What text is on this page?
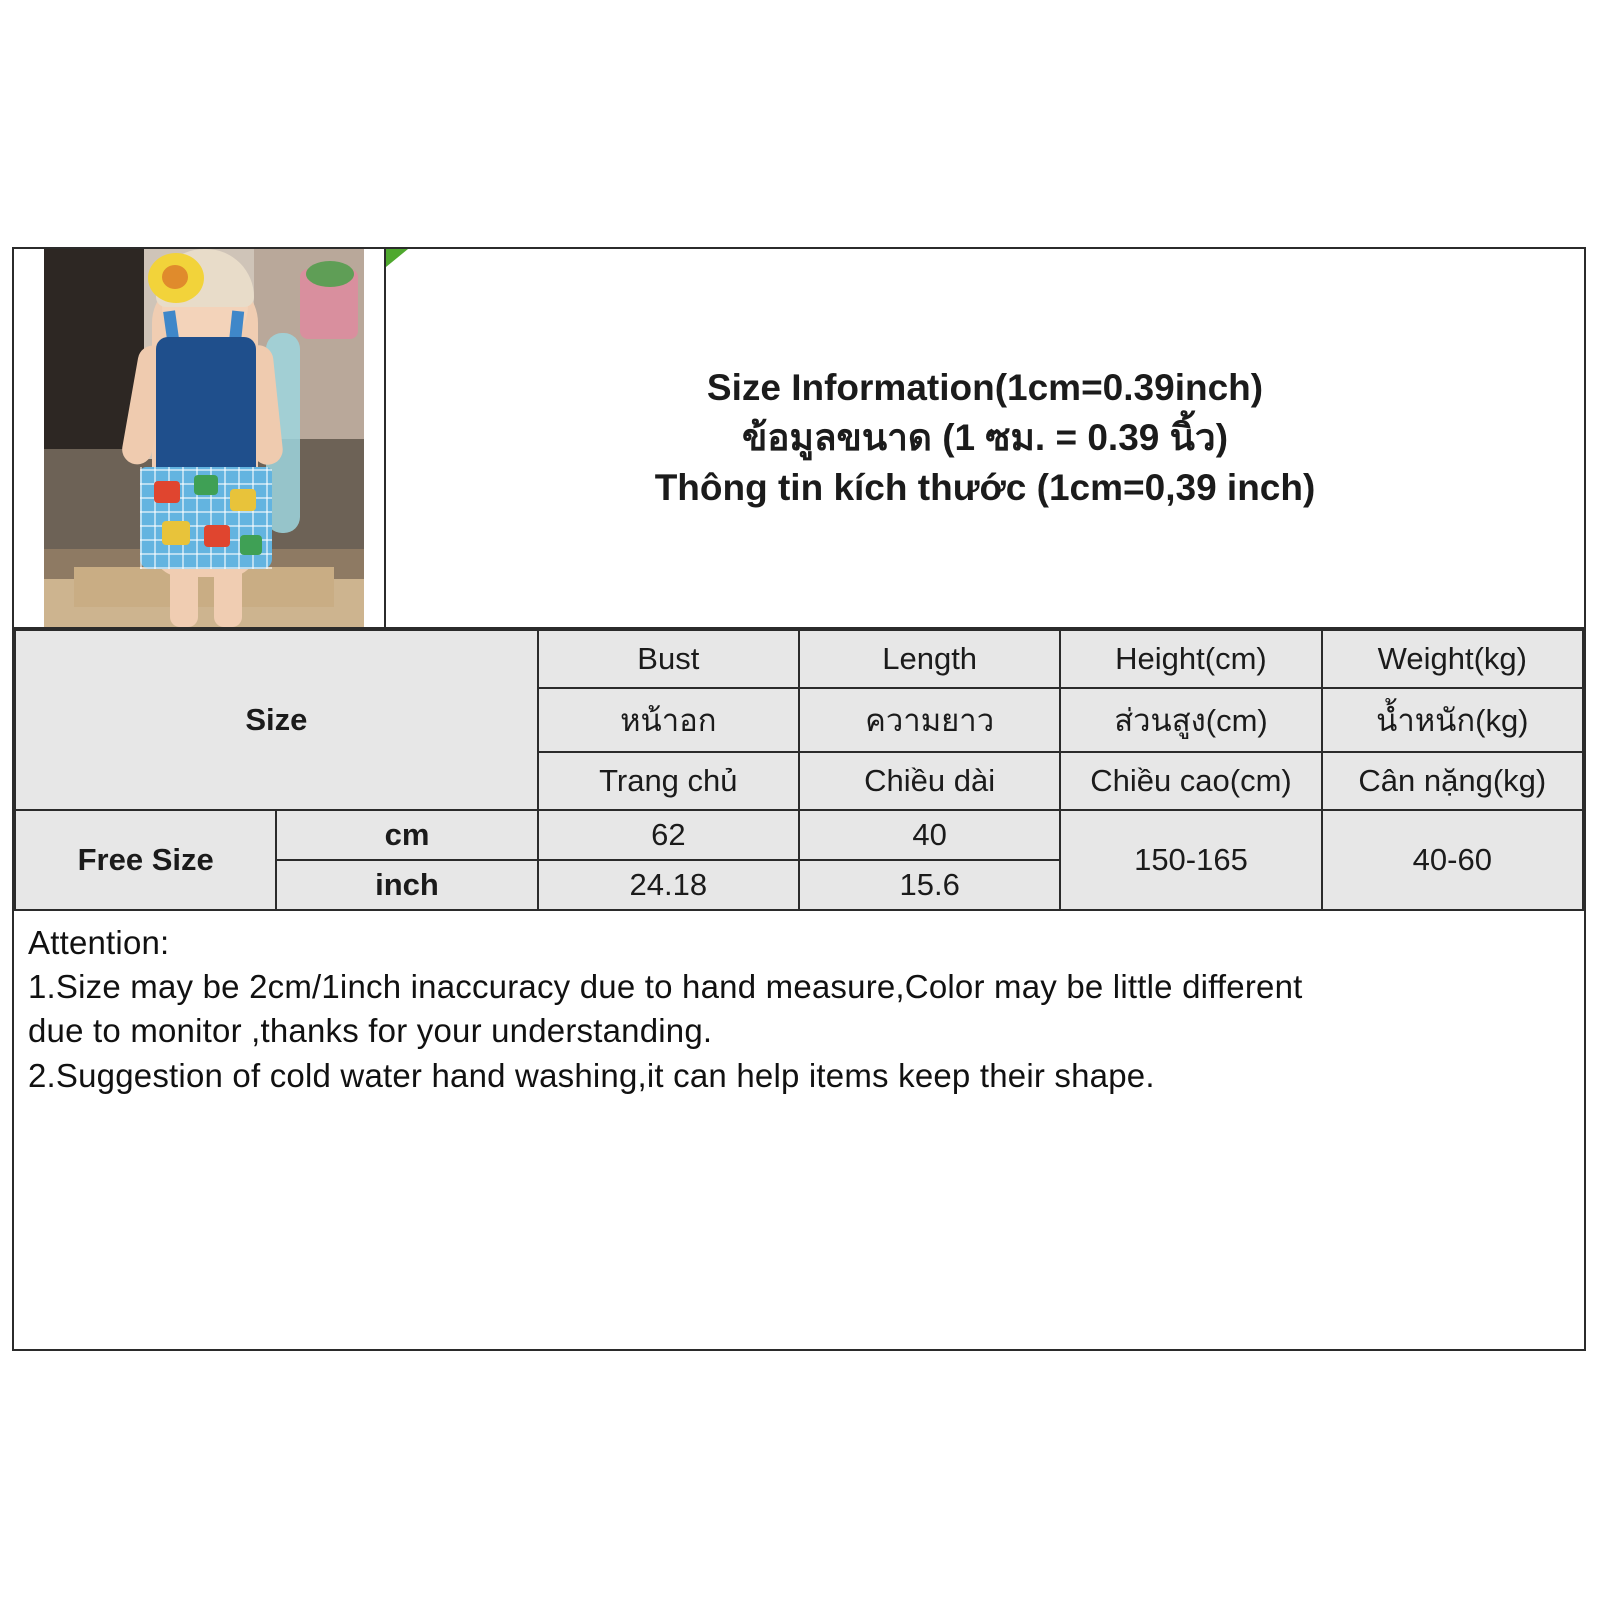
Size Information(1cm=0.39inch)
ข้อมูลขนาด (1 ซม. = 0.39 นิ้ว)
Thông tin kích thước (1cm=0,39 inch)
Size		Bust	Length	Height(cm)	Weight(kg)
		หน้าอก	ความยาว	ส่วนสูง(cm)	น้ำหนัก(kg)
		Trang chủ	Chiều dài	Chiều cao(cm)	Cân nặng(kg)
Free Size	cm	62	40	150-165	40-60
	inch	24.18	15.6		
Attention:
1.Size may be 2cm/1inch inaccuracy due to hand measure,Color may be little different
due to monitor ,thanks for your understanding.
2.Suggestion of cold water hand washing,it can help items keep their shape.
